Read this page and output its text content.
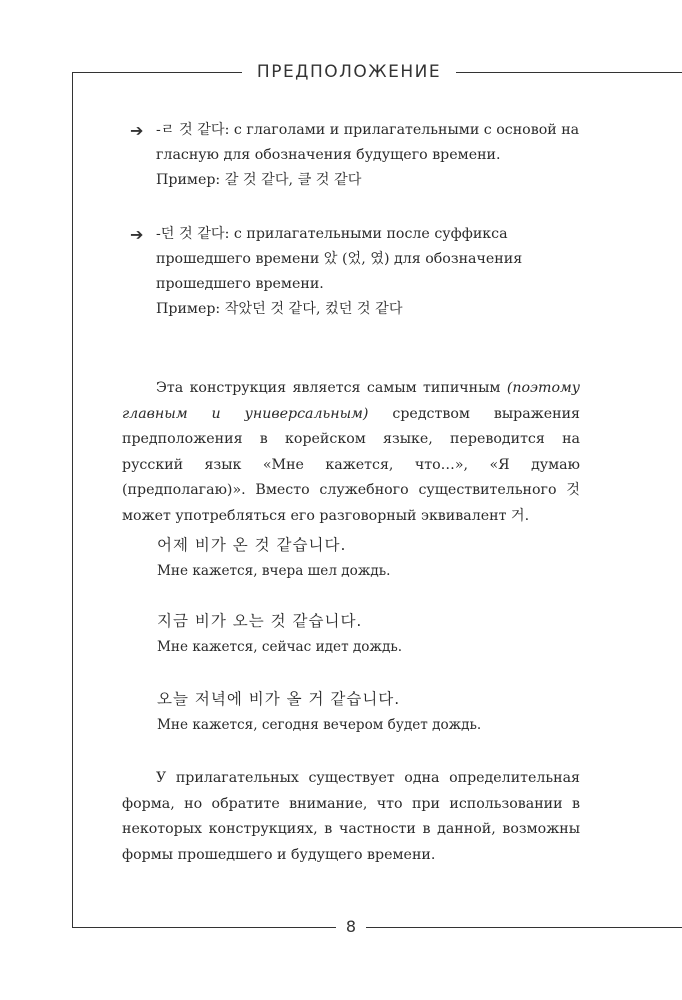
ПРЕДПОЛОЖЕНИЕ
8
➔ -ㄹ 것 같다: с глаголами и прилагательными с основой на

гласную для обозначения будущего времени.

Пример: 갈 것 같다, 클 것 같다

➔ -던 것 같다: с прилагательными после суффикса

прошедшего времени 았 (었, 였) для обозначения

прошедшего времени.

Пример: 작았던 것 같다, 컸던 것 같다

Эта конструкция является самым типичным (поэтому главным и универсальным) средством выражения предположения в корейском языке, переводится на русский язык «Мне кажется, что…», «Я думаю (предполагаю)». Вместо служебного существительного 것 может употребляться его разговорный эквивалент 거.

어제 비가 온 것 같습니다.
Мне кажется, вчера шел дождь.
지금 비가 오는 것 같습니다.
Мне кажется, сейчас идет дождь.
오늘 저녁에 비가 올 거 같습니다.
Мне кажется, сегодня вечером будет дождь.

У прилагательных существует одна определительная форма, но обратите внимание, что при использовании в некоторых конструкциях, в частности в данной, возможны формы прошедшего и будущего времени.
